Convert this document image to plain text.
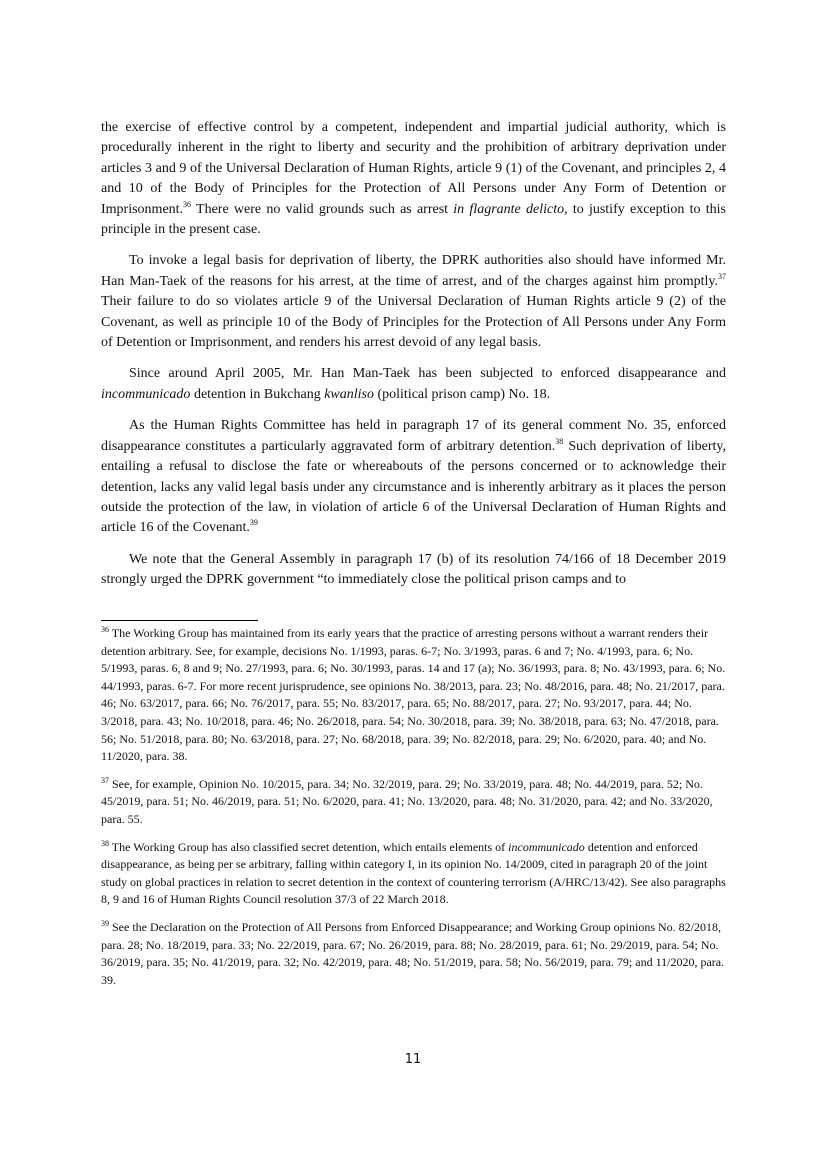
the exercise of effective control by a competent, independent and impartial judicial authority, which is procedurally inherent in the right to liberty and security and the prohibition of arbitrary deprivation under articles 3 and 9 of the Universal Declaration of Human Rights, article 9 (1) of the Covenant, and principles 2, 4 and 10 of the Body of Principles for the Protection of All Persons under Any Form of Detention or Imprisonment.$^{36}$ There were no valid grounds such as arrest in flagrante delicto, to justify exception to this principle in the present case.

To invoke a legal basis for deprivation of liberty, the DPRK authorities also should have informed Mr. Han Man-Taek of the reasons for his arrest, at the time of arrest, and of the charges against him promptly.$^{37}$ Their failure to do so violates article 9 of the Universal Declaration of Human Rights article 9 (2) of the Covenant, as well as principle 10 of the Body of Principles for the Protection of All Persons under Any Form of Detention or Imprisonment, and renders his arrest devoid of any legal basis.

Since around April 2005, Mr. Han Man-Taek has been subjected to enforced disappearance and incommunicado detention in Bukchang kwanliso (political prison camp) No. 18.

As the Human Rights Committee has held in paragraph 17 of its general comment No. 35, enforced disappearance constitutes a particularly aggravated form of arbitrary detention.$^{38}$ Such deprivation of liberty, entailing a refusal to disclose the fate or whereabouts of the persons concerned or to acknowledge their detention, lacks any valid legal basis under any circumstance and is inherently arbitrary as it places the person outside the protection of the law, in violation of article 6 of the Universal Declaration of Human Rights and article 16 of the Covenant.$^{39}$

We note that the General Assembly in paragraph 17 (b) of its resolution 74/166 of 18 December 2019 strongly urged the DPRK government “to immediately close the political prison camps and to

$^{36}$ The Working Group has maintained from its early years that the practice of arresting persons without a warrant renders their detention arbitrary. See, for example, decisions No. 1/1993, paras. 6-7; No. 3/1993, paras. 6 and 7; No. 4/1993, para. 6; No. 5/1993, paras. 6, 8 and 9; No. 27/1993, para. 6; No. 30/1993, paras. 14 and 17 (a); No. 36/1993, para. 8; No. 43/1993, para. 6; No. 44/1993, paras. 6-7. For more recent jurisprudence, see opinions No. 38/2013, para. 23; No. 48/2016, para. 48; No. 21/2017, para. 46; No. 63/2017, para. 66; No. 76/2017, para. 55; No. 83/2017, para. 65; No. 88/2017, para. 27; No. 93/2017, para. 44; No. 3/2018, para. 43; No. 10/2018, para. 46; No. 26/2018, para. 54; No. 30/2018, para. 39; No. 38/2018, para. 63; No. 47/2018, para. 56; No. 51/2018, para. 80; No. 63/2018, para. 27; No. 68/2018, para. 39; No. 82/2018, para. 29; No. 6/2020, para. 40; and No. 11/2020, para. 38.

$^{37}$ See, for example, Opinion No. 10/2015, para. 34; No. 32/2019, para. 29; No. 33/2019, para. 48; No. 44/2019, para. 52; No. 45/2019, para. 51; No. 46/2019, para. 51; No. 6/2020, para. 41; No. 13/2020, para. 48; No. 31/2020, para. 42; and No. 33/2020, para. 55.

$^{38}$ The Working Group has also classified secret detention, which entails elements of incommunicado detention and enforced disappearance, as being per se arbitrary, falling within category I, in its opinion No. 14/2009, cited in paragraph 20 of the joint study on global practices in relation to secret detention in the context of countering terrorism (A/HRC/13/42). See also paragraphs 8, 9 and 16 of Human Rights Council resolution 37/3 of 22 March 2018.

$^{39}$ See the Declaration on the Protection of All Persons from Enforced Disappearance; and Working Group opinions No. 82/2018, para. 28; No. 18/2019, para. 33; No. 22/2019, para. 67; No. 26/2019, para. 88; No. 28/2019, para. 61; No. 29/2019, para. 54; No. 36/2019, para. 35; No. 41/2019, para. 32; No. 42/2019, para. 48; No. 51/2019, para. 58; No. 56/2019, para. 79; and 11/2020, para. 39.

11
